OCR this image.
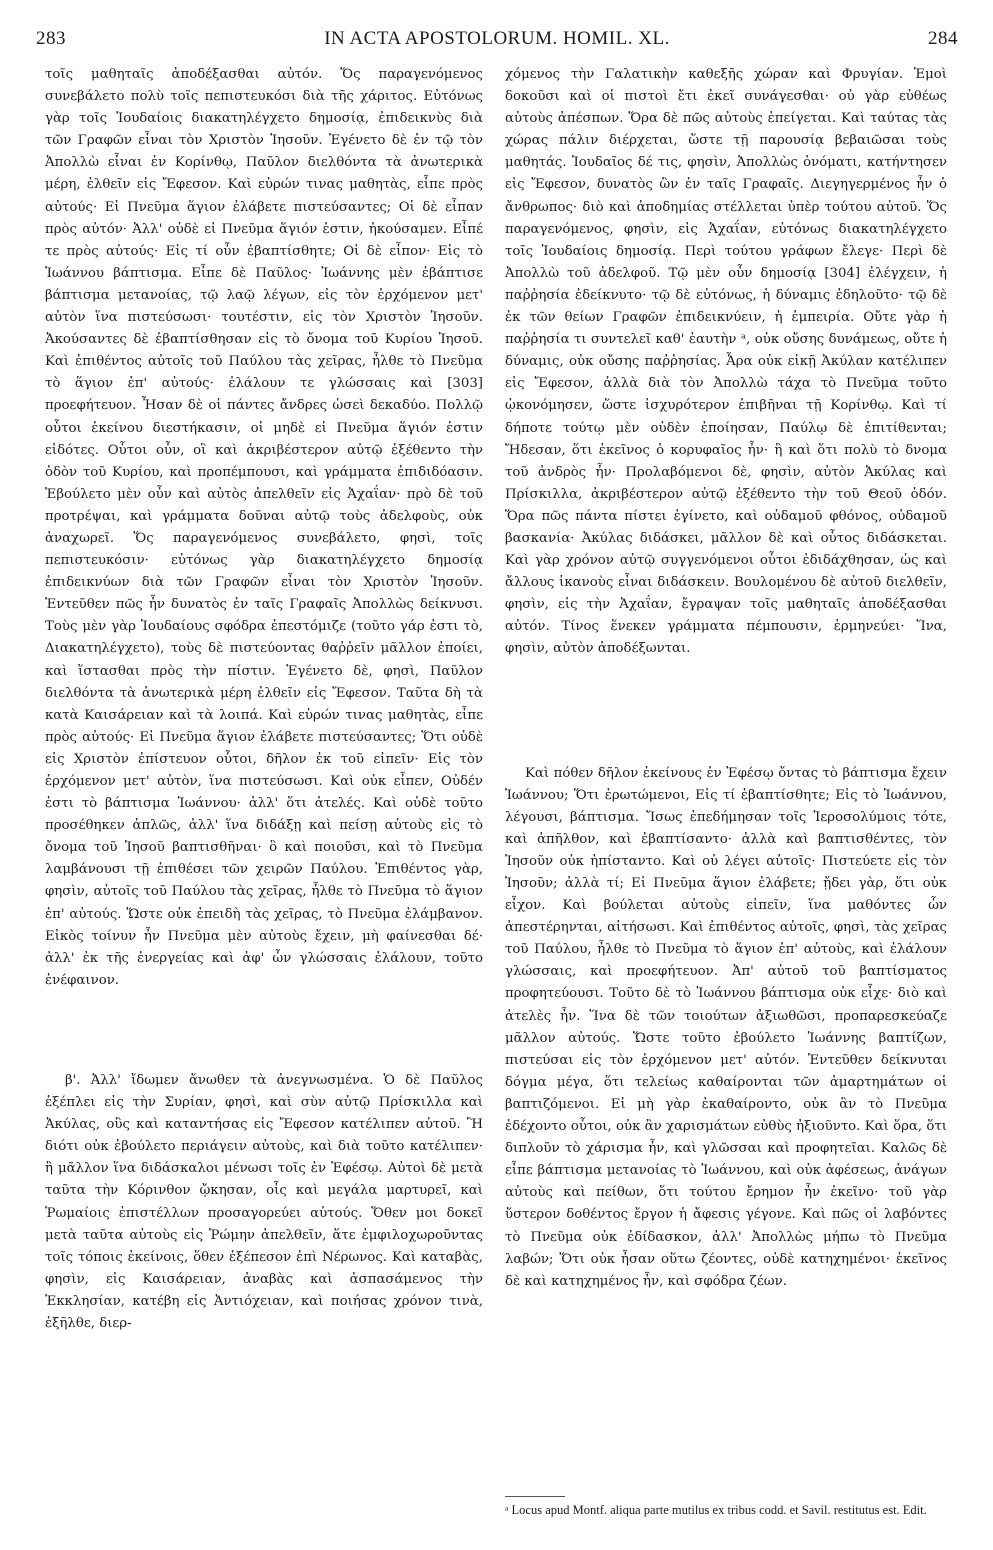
283	IN ACTA APOSTOLORUM. HOMIL. XL.	284

τοῖς μαθηταῖς ἀποδέξασθαι αὐτόν. Ὅς παραγενόμενος συνεβάλετο πολὺ τοῖς πεπιστευκόσι διὰ τῆς χάριτος. Εὐτόνως γὰρ τοῖς Ἰουδαίοις διακατηλέγχετο δημοσίᾳ, ἐπιδεικνὺς διὰ τῶν Γραφῶν εἶναι τὸν Χριστὸν Ἰησοῦν. Ἐγένετο δὲ ἐν τῷ τὸν Ἀπολλὼ εἶναι ἐν Κορίνθῳ, Παῦλον διελθόντα τὰ ἀνωτερικὰ μέρη, ἐλθεῖν εἰς Ἔφεσον. Καὶ εὑρών τινας μαθητὰς, εἶπε πρὸς αὐτούς· Εἰ Πνεῦμα ἅγιον ἐλάβετε πιστεύσαντες; Οἱ δὲ εἶπαν πρὸς αὐτόν· Ἀλλ' οὐδὲ εἰ Πνεῦμα ἅγιόν ἐστιν, ἠκούσαμεν. Εἶπέ τε πρὸς αὐτούς· Εἰς τί οὖν ἐβαπτίσθητε; Οἱ δὲ εἶπον· Εἰς τὸ Ἰωάννου βάπτισμα. Εἶπε δὲ Παῦλος· Ἰωάννης μὲν ἐβάπτισε βάπτισμα μετανοίας, τῷ λαῷ λέγων, εἰς τὸν ἐρχόμενον μετ' αὐτὸν ἵνα πιστεύσωσι· τουτέστιν, εἰς τὸν Χριστὸν Ἰησοῦν. Ἀκούσαντες δὲ ἐβαπτίσθησαν εἰς τὸ ὄνομα τοῦ Κυρίου Ἰησοῦ. Καὶ ἐπιθέντος αὐτοῖς τοῦ Παύλου τὰς χεῖρας, ἦλθε τὸ Πνεῦμα τὸ ἅγιον ἐπ' αὐτούς· ἐλάλουν τε γλώσσαις καὶ [303] προεφήτευον. Ἦσαν δὲ οἱ πάντες ἄνδρες ὡσεὶ δεκαδύο. Πολλῷ οὗτοι ἐκείνου διεστήκασιν, οἱ μηδὲ εἰ Πνεῦμα ἅγιόν ἐστιν εἰδότες. Οὗτοι οὖν, οἳ καὶ ἀκριβέστερον αὐτῷ ἐξέθεντο τὴν ὁδὸν τοῦ Κυρίου, καὶ προπέμπουσι, καὶ γράμματα ἐπιδιδόασιν. Ἐβούλετο μὲν οὖν καὶ αὐτὸς ἀπελθεῖν εἰς Ἀχαΐαν· πρὸ δὲ τοῦ προτρέψαι, καὶ γράμματα δοῦναι αὐτῷ τοὺς ἀδελφοὺς, οὐκ ἀναχωρεῖ. Ὅς παραγενόμενος συνεβάλετο, φησὶ, τοῖς πεπιστευκόσιν· εὐτόνως γὰρ διακατηλέγχετο δημοσίᾳ ἐπιδεικνύων διὰ τῶν Γραφῶν εἶναι τὸν Χριστὸν Ἰησοῦν. Ἐντεῦθεν πῶς ἦν δυνατὸς ἐν ταῖς Γραφαῖς Ἀπολλὼς δείκνυσι. Τοὺς μὲν γὰρ Ἰουδαίους σφόδρα ἐπεστόμιζε (τοῦτο γάρ ἐστι τὸ, Διακατηλέγχετο), τοὺς δὲ πιστεύοντας θαῤῥεῖν μᾶλλον ἐποίει, καὶ ἵστασθαι πρὸς τὴν πίστιν. Ἐγένετο δὲ, φησὶ, Παῦλον διελθόντα τὰ ἀνωτερικὰ μέρη ἐλθεῖν εἰς Ἔφεσον. Ταῦτα δὴ τὰ κατὰ Καισάρειαν καὶ τὰ λοιπά. Καὶ εὑρών τινας μαθητὰς, εἶπε πρὸς αὐτούς· Εἰ Πνεῦμα ἅγιον ἐλάβετε πιστεύσαντες; Ὅτι οὐδὲ εἰς Χριστὸν ἐπίστευον οὗτοι, δῆλον ἐκ τοῦ εἰπεῖν· Εἰς τὸν ἐρχόμενον μετ' αὐτὸν, ἵνα πιστεύσωσι. Καὶ οὐκ εἶπεν, Οὐδέν ἐστι τὸ βάπτισμα Ἰωάννου· ἀλλ' ὅτι ἀτελές. Καὶ οὐδὲ τοῦτο προσέθηκεν ἁπλῶς, ἀλλ' ἵνα διδάξῃ καὶ πείσῃ αὐτοὺς εἰς τὸ ὄνομα τοῦ Ἰησοῦ βαπτισθῆναι· ὃ καὶ ποιοῦσι, καὶ τὸ Πνεῦμα λαμβάνουσι τῇ ἐπιθέσει τῶν χειρῶν Παύλου. Ἐπιθέντος γὰρ, φησὶν, αὐτοῖς τοῦ Παύλου τὰς χεῖρας, ἦλθε τὸ Πνεῦμα τὸ ἅγιον ἐπ' αὐτούς. Ὥστε οὐκ ἐπειδὴ τὰς χεῖρας, τὸ Πνεῦμα ἐλάμβανον. Εἰκὸς τοίνυν ἦν Πνεῦμα μὲν αὐτοὺς ἔχειν, μὴ φαίνεσθαι δέ· ἀλλ' ἐκ τῆς ἐνεργείας καὶ ἀφ' ὧν γλώσσαις ἐλάλουν, τοῦτο ἐνέφαινον.

β'. Ἀλλ' ἴδωμεν ἄνωθεν τὰ ἀνεγνωσμένα. Ὁ δὲ Παῦλος ἐξέπλει εἰς τὴν Συρίαν, φησὶ, καὶ σὺν αὐτῷ Πρίσκιλλα καὶ Ἀκύλας, οὓς καὶ καταντήσας εἰς Ἔφεσον κατέλιπεν αὐτοῦ. Ἢ διότι οὐκ ἐβούλετο περιάγειν αὐτοὺς, καὶ διὰ τοῦτο κατέλιπεν· ἢ μᾶλλον ἵνα διδάσκαλοι μένωσι τοῖς ἐν Ἐφέσῳ. Αὐτοὶ δὲ μετὰ ταῦτα τὴν Κόρινθον ᾤκησαν, οἷς καὶ μεγάλα μαρτυρεῖ, καὶ Ῥωμαίοις ἐπιστέλλων προσαγορεύει αὐτούς. Ὅθεν μοι δοκεῖ μετὰ ταῦτα αὐτοὺς εἰς Ῥώμην ἀπελθεῖν, ἅτε ἐμφιλοχωροῦντας τοῖς τόποις ἐκείνοις, ὅθεν ἐξέπεσον ἐπὶ Νέρωνος. Καὶ καταβὰς, φησὶν, εἰς Καισάρειαν, ἀναβὰς καὶ ἀσπασάμενος τὴν Ἐκκλησίαν, κατέβη εἰς Ἀντιόχειαν, καὶ ποιήσας χρόνον τινὰ, ἐξῆλθε, διερ-

χόμενος τὴν Γαλατικὴν καθεξῆς χώραν καὶ Φρυγίαν. Ἐμοὶ δοκοῦσι καὶ οἱ πιστοὶ ἔτι ἐκεῖ συνάγεσθαι· οὐ γὰρ εὐθέως αὐτοὺς ἀπέσπων. Ὅρα δὲ πῶς αὐτοὺς ἐπείγεται. Καὶ ταύτας τὰς χώρας πάλιν διέρχεται, ὥστε τῇ παρουσίᾳ βεβαιῶσαι τοὺς μαθητάς. Ἰουδαῖος δέ τις, φησὶν, Ἀπολλὼς ὀνόματι, κατήντησεν εἰς Ἔφεσον, δυνατὸς ὢν ἐν ταῖς Γραφαῖς. Διεγηγερμένος ἦν ὁ ἄνθρωπος· διὸ καὶ ἀποδημίας στέλλεται ὑπὲρ τούτου αὐτοῦ. Ὅς παραγενόμενος, φησὶν, εἰς Ἀχαΐαν, εὐτόνως διακατηλέγχετο τοῖς Ἰουδαίοις δημοσίᾳ. Περὶ τούτου γράφων ἔλεγε· Περὶ δὲ Ἀπολλὼ τοῦ ἀδελφοῦ. Τῷ μὲν οὖν δημοσίᾳ [304] ἐλέγχειν, ἡ παῤῥησία ἐδείκνυτο· τῷ δὲ εὐτόνως, ἡ δύναμις ἐδηλοῦτο· τῷ δὲ ἐκ τῶν θείων Γραφῶν ἐπιδεικνύειν, ἡ ἐμπειρία. Οὔτε γὰρ ἡ παῤῥησία τι συντελεῖ καθ' ἑαυτὴν ᵃ, οὐκ οὔσης δυνάμεως, οὔτε ἡ δύναμις, οὐκ οὔσης παῤῥησίας. Ἆρα οὐκ εἰκῇ Ἀκύλαν κατέλιπεν εἰς Ἔφεσον, ἀλλὰ διὰ τὸν Ἀπολλὼ τάχα τὸ Πνεῦμα τοῦτο ᾠκονόμησεν, ὥστε ἰσχυρότερον ἐπιβῆναι τῇ Κορίνθῳ. Καὶ τί δήποτε τούτῳ μὲν οὐδὲν ἐποίησαν, Παύλῳ δὲ ἐπιτίθενται; Ἤδεσαν, ὅτι ἐκεῖνος ὁ κορυφαῖος ἦν· ἢ καὶ ὅτι πολὺ τὸ δνομα τοῦ ἀνδρὸς ἦν· Προλαβόμενοι δὲ, φησὶν, αὐτὸν Ἀκύλας καὶ Πρίσκιλλα, ἀκριβέστερον αὐτῷ ἐξέθεντο τὴν τοῦ Θεοῦ ὁδόν. Ὅρα πῶς πάντα πίστει ἐγίνετο, καὶ οὐδαμοῦ φθόνος, οὐδαμοῦ βασκανία· Ἀκύλας διδάσκει, μᾶλλον δὲ καὶ οὗτος διδάσκεται. Καὶ γὰρ χρόνον αὐτῷ συγγενόμενοι οὗτοι ἐδιδάχθησαν, ὡς καὶ ἄλλους ἱκανοὺς εἶναι διδάσκειν. Βουλομένου δὲ αὐτοῦ διελθεῖν, φησὶν, εἰς τὴν Ἀχαΐαν, ἔγραψαν τοῖς μαθηταῖς ἀποδέξασθαι αὐτόν. Τίνος ἕνεκεν γράμματα πέμπουσιν, ἑρμηνεύει· Ἵνα, φησὶν, αὐτὸν ἀποδέξωνται.

Καὶ πόθεν δῆλον ἐκείνους ἐν Ἐφέσῳ ὄντας τὸ βάπτισμα ἔχειν Ἰωάννου; Ὅτι ἐρωτώμενοι, Εἰς τί ἐβαπτίσθητε; Εἰς τὸ Ἰωάννου, λέγουσι, βάπτισμα. Ἴσως ἐπεδήμησαν τοῖς Ἱεροσολύμοις τότε, καὶ ἀπῆλθον, καὶ ἐβαπτίσαντο· ἀλλὰ καὶ βαπτισθέντες, τὸν Ἰησοῦν οὐκ ἠπίσταντο. Καὶ οὐ λέγει αὐτοῖς· Πιστεύετε εἰς τὸν Ἰησοῦν; ἀλλὰ τί; Εἰ Πνεῦμα ἅγιον ἐλάβετε; ᾔδει γὰρ, ὅτι οὐκ εἶχον. Καὶ βούλεται αὐτοὺς εἰπεῖν, ἵνα μαθόντες ὧν ἀπεστέρηνται, αἰτήσωσι. Καὶ ἐπιθέντος αὐτοῖς, φησὶ, τὰς χεῖρας τοῦ Παύλου, ἦλθε τὸ Πνεῦμα τὸ ἅγιον ἐπ' αὐτοὺς, καὶ ἐλάλουν γλώσσαις, καὶ προεφήτευον. Ἀπ' αὐτοῦ τοῦ βαπτίσματος προφητεύουσι. Τοῦτο δὲ τὸ Ἰωάννου βάπτισμα οὐκ εἶχε· διὸ καὶ ἀτελὲς ἦν. Ἵνα δὲ τῶν τοιούτων ἀξιωθῶσι, προπαρεσκεύαζε μᾶλλον αὐτούς. Ὥστε τοῦτο ἐβούλετο Ἰωάννης βαπτίζων, πιστεύσαι εἰς τὸν ἐρχόμενον μετ' αὐτόν. Ἐντεῦθεν δείκνυται δόγμα μέγα, ὅτι τελείως καθαίρονται τῶν ἁμαρτημάτων οἱ βαπτιζόμενοι. Εἰ μὴ γὰρ ἐκαθαίροντο, οὐκ ἂν τὸ Πνεῦμα ἐδέχοντο οὗτοι, οὐκ ἂν χαρισμάτων εὐθὺς ἠξιοῦντο. Καὶ ὅρα, ὅτι διπλοῦν τὸ χάρισμα ἦν, καὶ γλῶσσαι καὶ προφητεῖαι. Καλῶς δὲ εἶπε βάπτισμα μετανοίας τὸ Ἰωάννου, καὶ οὐκ ἀφέσεως, ἀνάγων αὐτοὺς καὶ πείθων, ὅτι τούτου ἔρημον ἦν ἐκεῖνο· τοῦ γὰρ ὕστερον δοθέντος ἔργον ἡ ἄφεσις γέγονε. Καὶ πῶς οἱ λαβόντες τὸ Πνεῦμα οὐκ ἐδίδασκον, ἀλλ' Ἀπολλὼς μήπω τὸ Πνεῦμα λαβών; Ὅτι οὐκ ἦσαν οὕτω ζέοντες, οὐδὲ κατηχημένοι· ἐκεῖνος δὲ καὶ κατηχημένος ἦν, καὶ σφόδρα ζέων.

ᵃ Locus apud Montf. aliqua parte mutilus ex tribus codd. et Savil. restitutus est. Edit.
